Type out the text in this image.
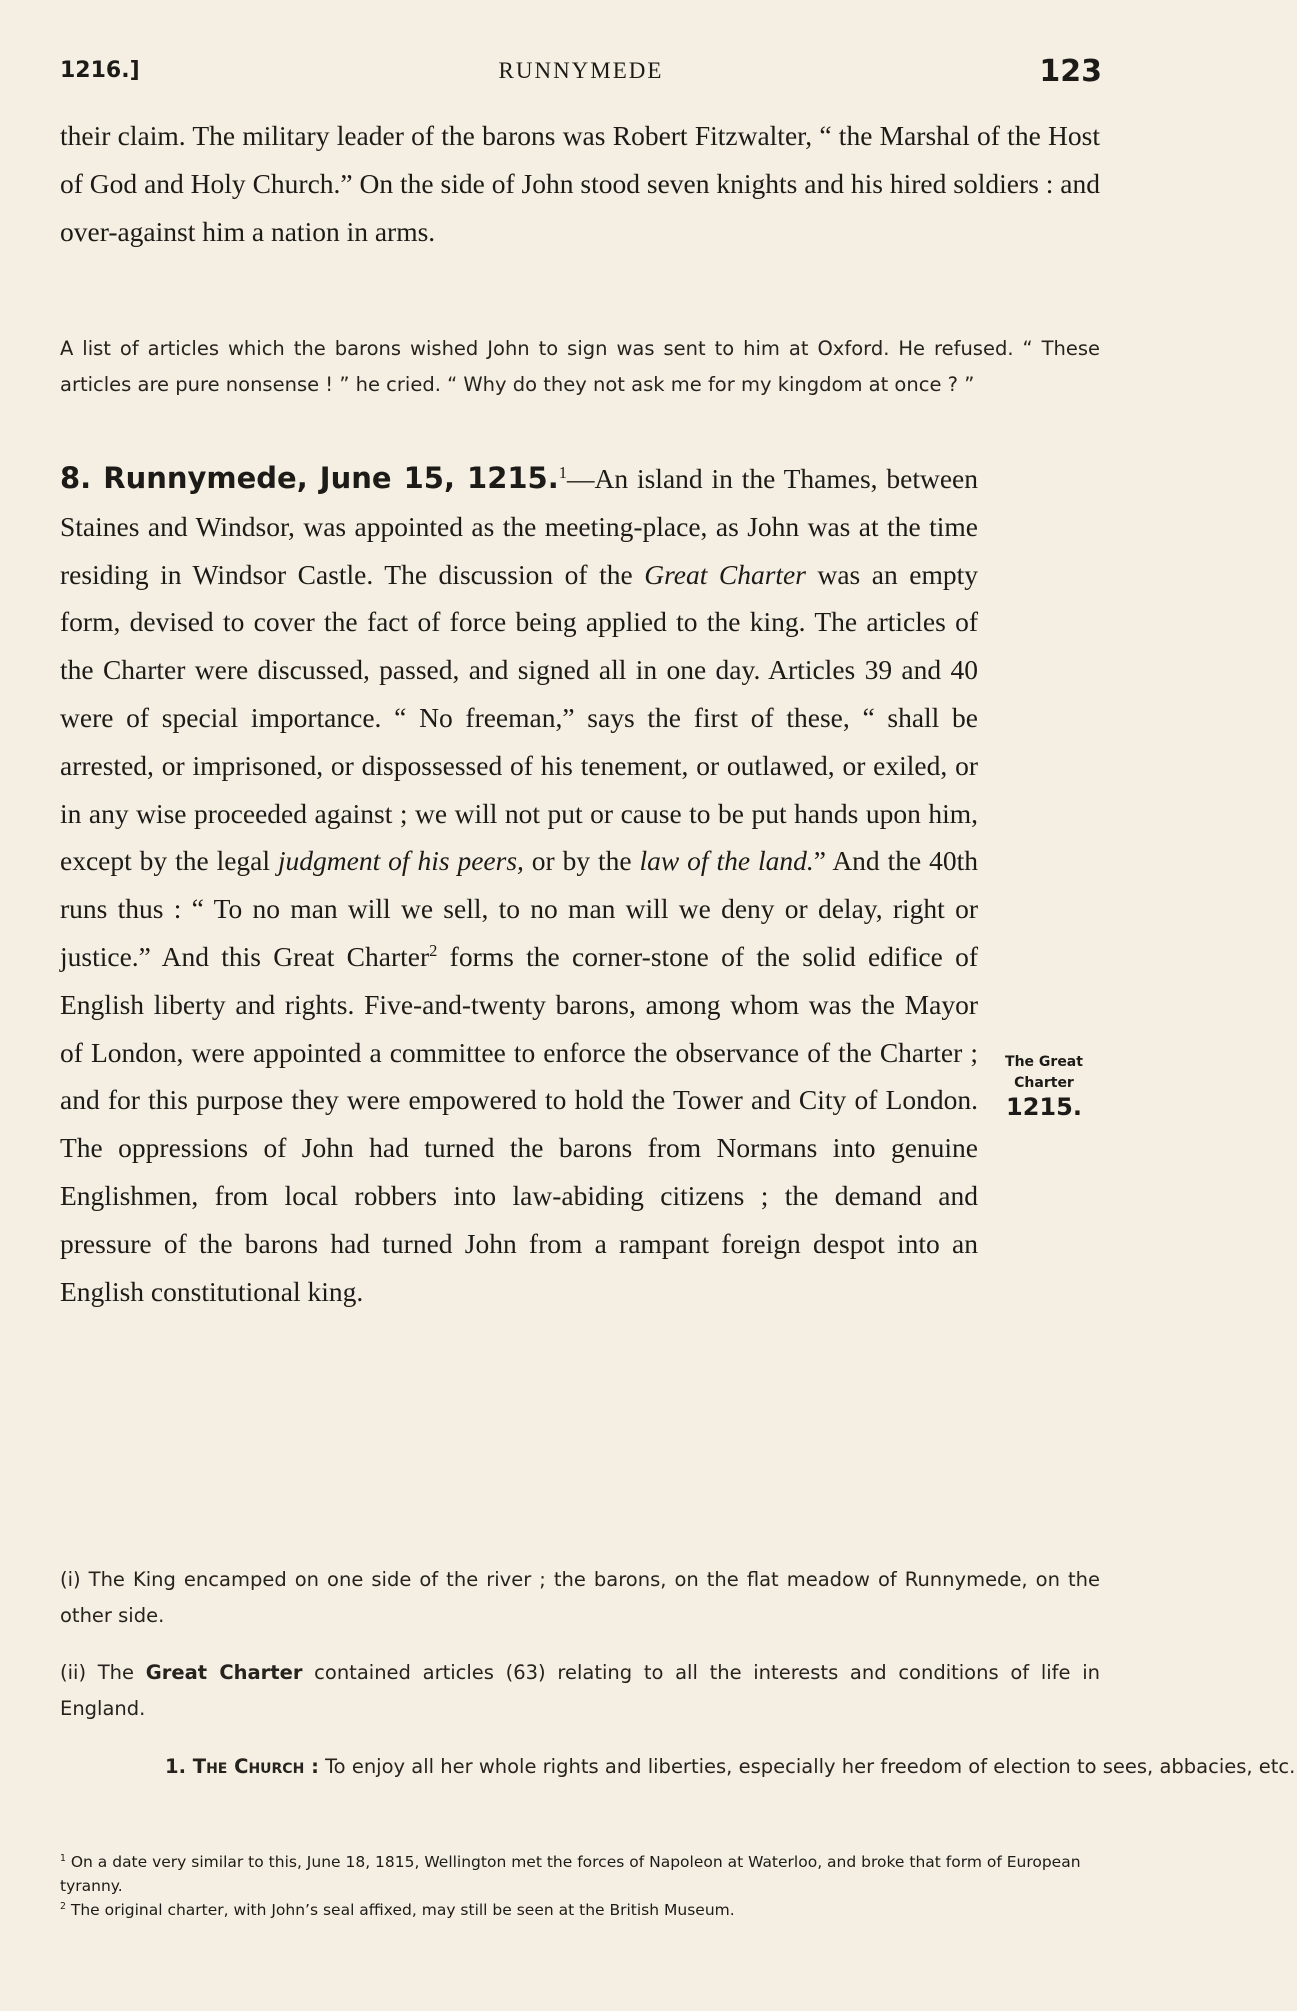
1216.]	RUNNYMEDE	123

their claim. The military leader of the barons was Robert Fitzwalter, “ the Marshal of the Host of God and Holy Church.” On the side of John stood seven knights and his hired soldiers : and over-against him a nation in arms.

A list of articles which the barons wished John to sign was sent to him at Oxford. He refused. “ These articles are pure nonsense ! ” he cried. “ Why do they not ask me for my kingdom at once ? ”

8. Runnymede, June 15, 1215.$^1$—An island in the Thames, between Staines and Windsor, was appointed as the meeting-place, as John was at the time residing in Windsor Castle. The discussion of the Great Charter was an empty form, devised to cover the fact of force being applied to the king. The articles of the Charter were discussed, passed, and signed all in one day. Articles 39 and 40 were of special importance. “ No freeman,” says the first of these, “ shall be arrested, or imprisoned, or dispossessed of his tenement, or outlawed, or exiled, or in any wise proceeded against ; we will not put or cause to be put hands upon him, except by the legal judgment of his peers, or by the law of the land.” And the 40th runs thus : “ To no man will we sell, to no man will we deny or delay, right or justice.” And this Great Charter$^2$ forms the corner-stone of the solid edifice of English liberty and rights. Five-and-twenty barons, among whom was the Mayor of London, were appointed a committee to enforce the observance of the Charter ; and for this purpose they were empowered to hold the Tower and City of London. The oppressions of John had turned the barons from Normans into genuine Englishmen, from local robbers into law-abiding citizens ; the demand and pressure of the barons had turned John from a rampant foreign despot into an English constitutional king.

The Great
Charter
1215.

(i) The King encamped on one side of the river ; the barons, on the flat meadow of Runnymede, on the other side.

(ii) The Great Charter contained articles (63) relating to all the interests and conditions of life in England.

1. The Church : To enjoy all her whole rights and liberties, especially her freedom of election to sees, abbacies, etc.

$^1$ On a date very similar to this, June 18, 1815, Wellington met the forces of Napoleon at Waterloo, and broke that form of European tyranny.

$^2$ The original charter, with John’s seal affixed, may still be seen at the British Museum.
